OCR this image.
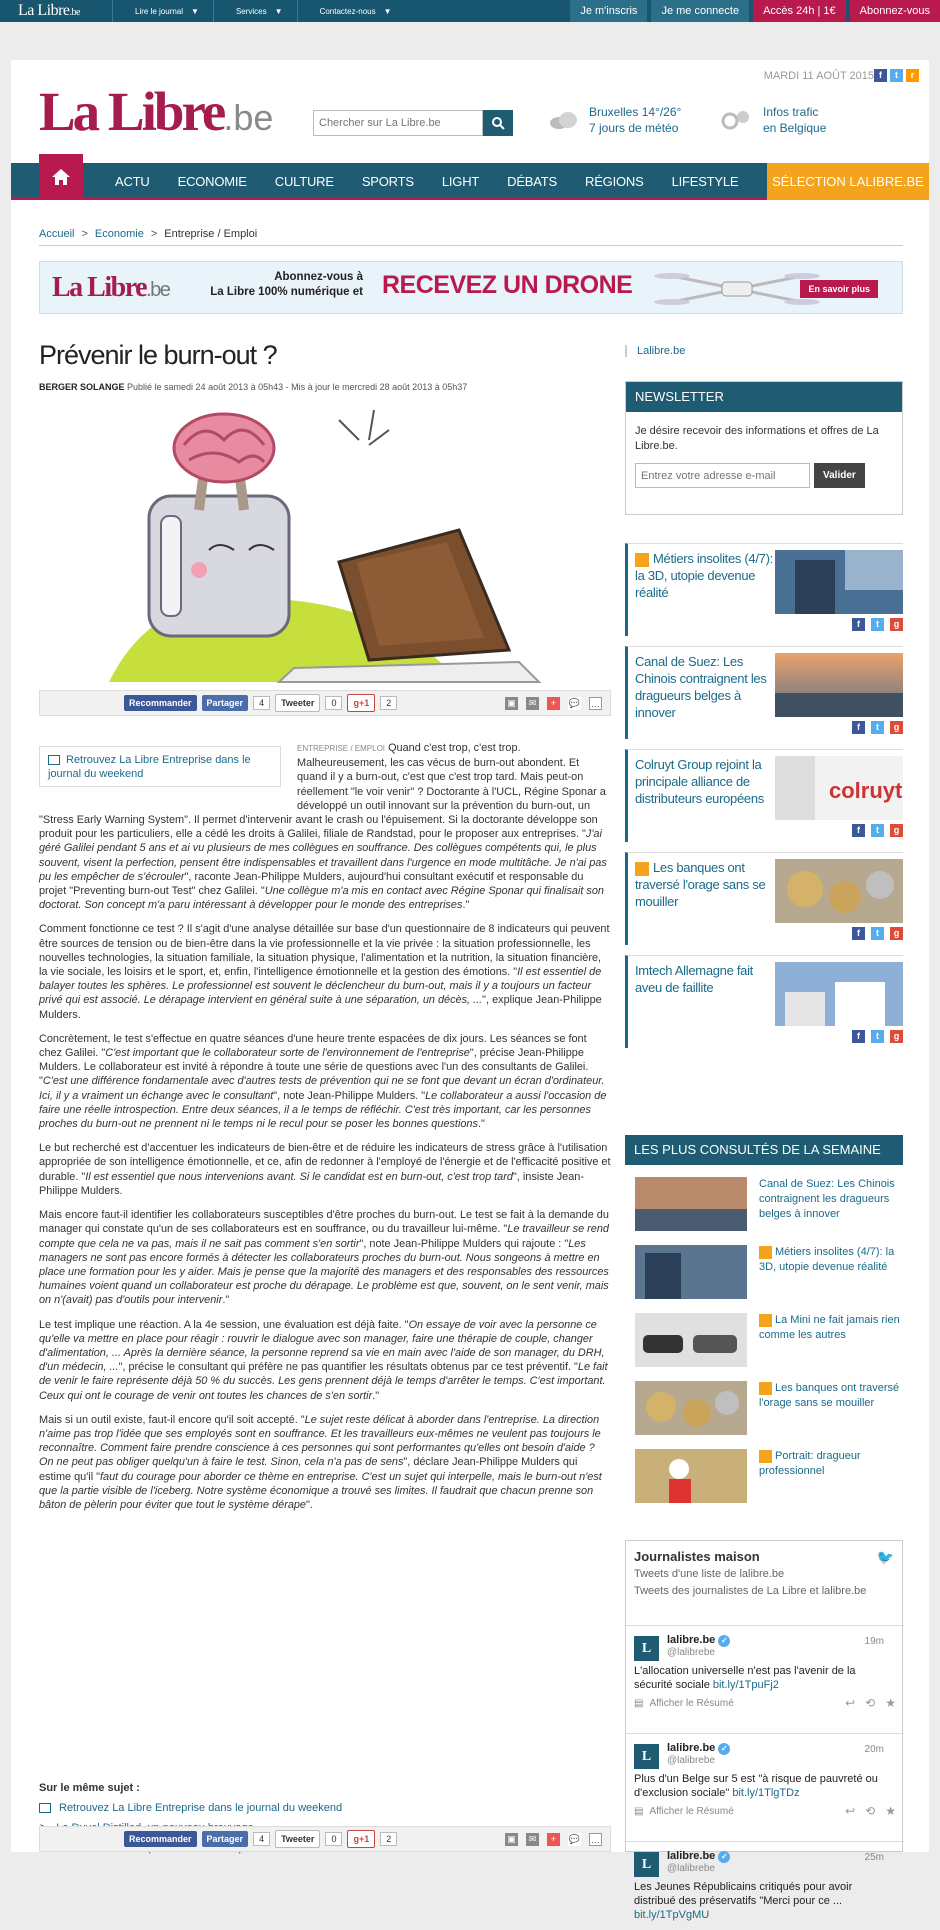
La Libre.be	Lire le journal ▼	Services ▼	Contactez-nous ▼	Je m'inscris	Je me connecte	Accès 24h | 1€	Abonnez-vous
MARDI 11 AOÛT 2015 f	t	r
La Libre.be
Chercher sur La Libre.be	Bruxelles 14°/26°
7 jours de météo
Infos trafic
en Belgique
ACTU	ECONOMIE	CULTURE	SPORTS	LIGHT	DÉBATS	RÉGIONS	LIFESTYLE	SÉLECTION LALIBRE.BE
Accueil > Economie > Entreprise / Emploi
La Libre.be
Abonnez-vous à
La Libre 100% numérique et RECEVEZ UN DRONE	En savoir plus
Prévenir le burn-out ?
BERGER SOLANGE Publié le samedi 24 août 2013 à 05h43 - Mis à jour le mercredi 28 août 2013 à 05h37
Recommander	Partager	4	Tweeter	0	g+1	2	▣	✉	+	💬 …

ENTREPRISE / EMPLOI Quand c'est trop, c'est trop. Malheureusement, les cas vécus de burn-out abondent. Et quand il y a burn-out, c'est que c'est trop tard. Mais peut-on réellement "le voir venir" ? Doctorante à l'UCL, Régine Sponar a développé un outil innovant sur la prévention du burn-out, un "Stress Early Warning System". Il permet d'intervenir avant le crash ou l'épuisement. Si la doctorante développe son produit pour les particuliers, elle a cédé les droits à Galilei, filiale de Randstad, pour le proposer aux entreprises. "J'ai géré Galilei pendant 5 ans et ai vu plusieurs de mes collègues en souffrance. Des collègues compétents qui, le plus souvent, visent la perfection, pensent être indispensables et travaillent dans l'urgence en mode multitâche. Je n'ai pas pu les empêcher de s'écrouler", raconte Jean-Philippe Mulders, aujourd'hui consultant exécutif et responsable du projet "Preventing burn-out Test" chez Galilei. "Une collègue m'a mis en contact avec Régine Sponar qui finalisait son doctorat. Son concept m'a paru intéressant à développer pour le monde des entreprises."

Comment fonctionne ce test ? Il s'agit d'une analyse détaillée sur base d'un questionnaire de 8 indicateurs qui peuvent être sources de tension ou de bien-être dans la vie professionnelle et la vie privée : la situation professionnelle, les nouvelles technologies, la situation familiale, la situation physique, l'alimentation et la nutrition, la situation financière, la vie sociale, les loisirs et le sport, et, enfin, l'intelligence émotionnelle et la gestion des émotions. "Il est essentiel de balayer toutes les sphères. Le professionnel est souvent le déclencheur du burn-out, mais il y a toujours un facteur privé qui est associé. Le dérapage intervient en général suite à une séparation, un décès, ...", explique Jean-Philippe Mulders.

Concrètement, le test s'effectue en quatre séances d'une heure trente espacées de dix jours. Les séances se font chez Galilei. "C'est important que le collaborateur sorte de l'environnement de l'entreprise", précise Jean-Philippe Mulders. Le collaborateur est invité à répondre à toute une série de questions avec l'un des consultants de Galilei. "C'est une différence fondamentale avec d'autres tests de prévention qui ne se font que devant un écran d'ordinateur. Ici, il y a vraiment un échange avec le consultant", note Jean-Philippe Mulders. "Le collaborateur a aussi l'occasion de faire une réelle introspection. Entre deux séances, il a le temps de réfléchir. C'est très important, car les personnes proches du burn-out ne prennent ni le temps ni le recul pour se poser les bonnes questions."

Le but recherché est d'accentuer les indicateurs de bien-être et de réduire les indicateurs de stress grâce à l'utilisation appropriée de son intelligence émotionnelle, et ce, afin de redonner à l'employé de l'énergie et de l'efficacité positive et durable. "Il est essentiel que nous intervenions avant. Si le candidat est en burn-out, c'est trop tard", insiste Jean-Philippe Mulders.

Mais encore faut-il identifier les collaborateurs susceptibles d'être proches du burn-out. Le test se fait à la demande du manager qui constate qu'un de ses collaborateurs est en souffrance, ou du travailleur lui-même. "Le travailleur se rend compte que cela ne va pas, mais il ne sait pas comment s'en sortir", note Jean-Philippe Mulders qui rajoute : "Les managers ne sont pas encore formés à détecter les collaborateurs proches du burn-out. Nous songeons à mettre en place une formation pour les y aider. Mais je pense que la majorité des managers et des responsables des ressources humaines voient quand un collaborateur est proche du dérapage. Le problème est que, souvent, on le sent venir, mais on n'(avait) pas d'outils pour intervenir."

Le test implique une réaction. A la 4e session, une évaluation est déjà faite. "On essaye de voir avec la personne ce qu'elle va mettre en place pour réagir : rouvrir le dialogue avec son manager, faire une thérapie de couple, changer d'alimentation, ... Après la dernière séance, la personne reprend sa vie en main avec l'aide de son manager, du DRH, d'un médecin, ...", précise le consultant qui préfère ne pas quantifier les résultats obtenus par ce test préventif. "Le fait de venir le faire représente déjà 50 % du succès. Les gens prennent déjà le temps d'arrêter le temps. C'est important. Ceux qui ont le courage de venir ont toutes les chances de s'en sortir."

Mais si un outil existe, faut-il encore qu'il soit accepté. "Le sujet reste délicat à aborder dans l'entreprise. La direction n'aime pas trop l'idée que ses employés sont en souffrance. Et les travailleurs eux-mêmes ne veulent pas toujours le reconnaître. Comment faire prendre conscience à ces personnes qui sont performantes qu'elles ont besoin d'aide ? On ne peut pas obliger quelqu'un à faire le test. Sinon, cela n'a pas de sens", déclare Jean-Philippe Mulders qui estime qu'il "faut du courage pour aborder ce thème en entreprise. C'est un sujet qui interpelle, mais le burn-out n'est que la partie visible de l'iceberg. Notre système économique a trouvé ses limites. Il faudrait que chacun prenne son bâton de pèlerin pour éviter que tout le système dérape".

Retrouvez La Libre Entreprise dans le journal du weekend
Sur le même sujet :
Retrouvez La Libre Entreprise dans le journal du weekend
Recommander	Partager	4	Tweeter	0	g+1	2	▣	✉	+	💬 …
Lalibre.be
NEWSLETTER
Je désire recevoir des informations et offres de La Libre.be.
Entrez votre adresse e-mail
Valider
Métiers insolites (4/7): la 3D, utopie devenue réalité
f	t	g
Canal de Suez: Les Chinois contraignent les dragueurs belges à innover
f	t	g
Colruyt Group rejoint la principale alliance de distributeurs européens	colruyt
f	t	g
Les banques ont traversé l'orage sans se mouiller
f	t	g
Imtech Allemagne fait aveu de faillite
f	t	g
LES PLUS CONSULTÉS DE LA SEMAINE
Canal de Suez: Les Chinois contraignent les dragueurs belges à innover
Métiers insolites (4/7): la 3D, utopie devenue réalité
La Mini ne fait jamais rien comme les autres
Les banques ont traversé l'orage sans se mouiller
Portrait: dragueur professionnel
Journalistes maison	🐦
Tweets d'une liste de lalibre.be
Tweets des journalistes de La Libre et lalibre.be
L
lalibre.be ✓
@lalibrebe
19m
L'allocation universelle n'est pas l'avenir de la sécurité sociale bit.ly/1TpuFj2
▤ Afficher le Résumé	↩ ⟲ ★
L
lalibre.be ✓
@lalibrebe
20m
Plus d'un Belge sur 5 est "à risque de pauvreté ou d'exclusion sociale" bit.ly/1TlgTDz
▤ Afficher le Résumé	↩ ⟲ ★
L
lalibre.be ✓
@lalibrebe
25m
Les Jeunes Républicains critiqués pour avoir distribué des préservatifs "Merci pour ce ... bit.ly/1TpVgMU
